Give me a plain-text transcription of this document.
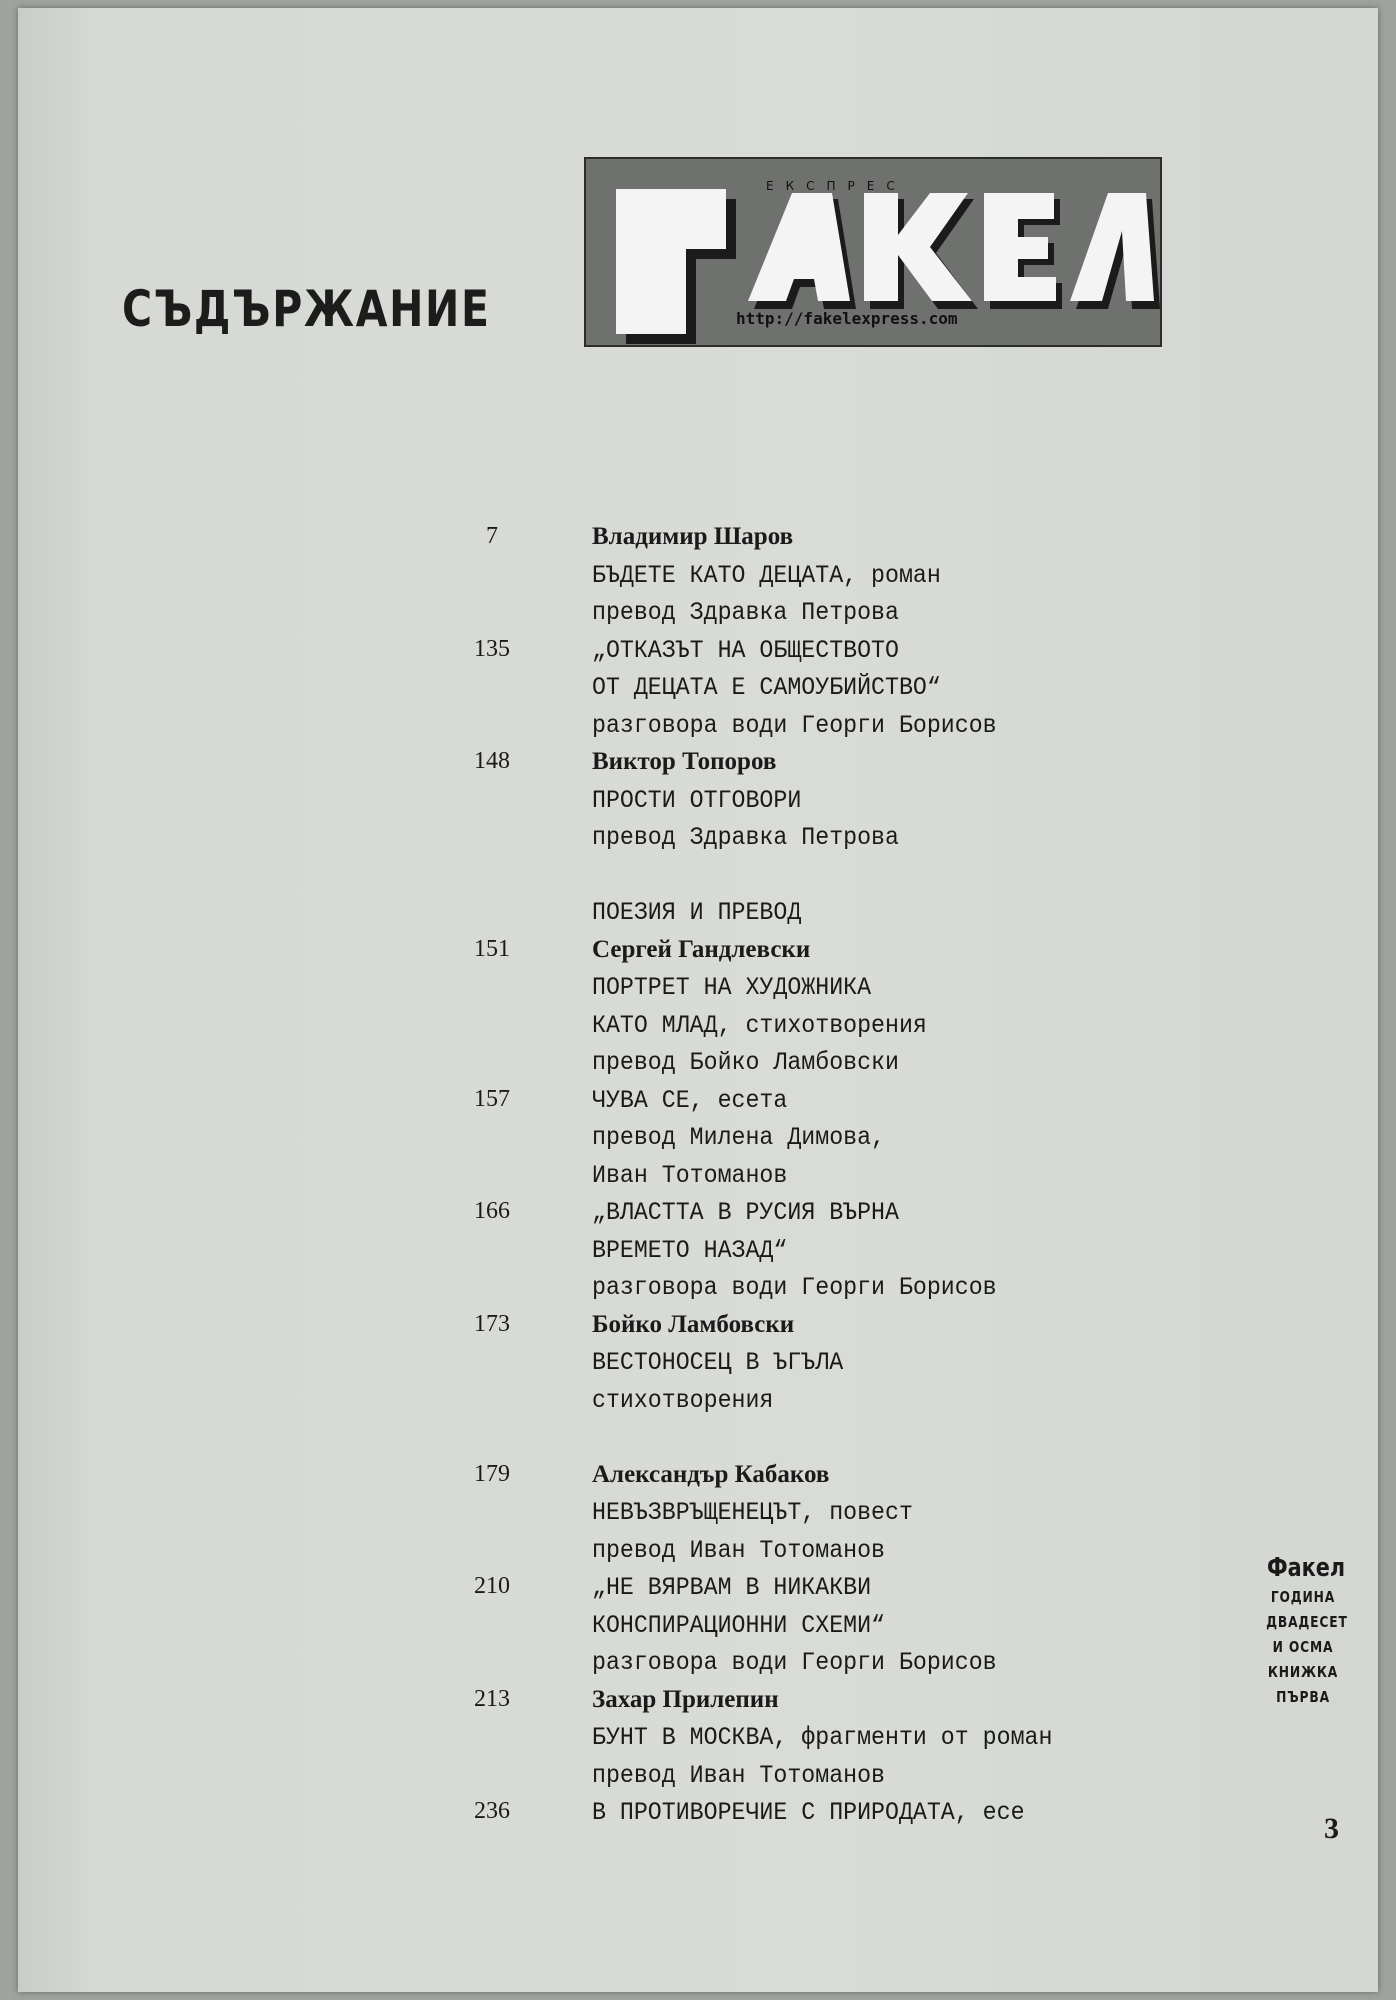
СЪДЪРЖАНИЕ

ЕКСПРЕС

http://fakelexpress.com

7	Владимир Шаров
БЪДЕТЕ КАТО ДЕЦАТА, роман
превод Здравка Петрова
135	„ОТКАЗЪТ НА ОБЩЕСТВОТО
ОТ ДЕЦАТА Е САМОУБИЙСТВО“
разговора води Георги Борисов
148	Виктор Топоров
ПРОСТИ ОТГОВОРИ
превод Здравка Петрова
ПОЕЗИЯ И ПРЕВОД
151	Сергей Гандлевски
ПОРТРЕТ НА ХУДОЖНИКА
КАТО МЛАД, стихотворения
превод Бойко Ламбовски
157	ЧУВА СЕ, есета
превод Милена Димова,
Иван Тотоманов
166	„ВЛАСТТА В РУСИЯ ВЪРНА
ВРЕМЕТО НАЗАД“
разговора води Георги Борисов
173	Бойко Ламбовски
ВЕСТОНОСЕЦ В ЪГЪЛА
стихотворения
179	Александър Кабаков
НЕВЪЗВРЪЩЕНЕЦЪТ, повест
превод Иван Тотоманов
210	„НЕ ВЯРВАМ В НИКАКВИ
КОНСПИРАЦИОННИ СХЕМИ“
разговора води Георги Борисов
213	Захар Прилепин
БУНТ В МОСКВА, фрагменти от роман
превод Иван Тотоманов
236	В ПРОТИВОРЕЧИЕ С ПРИРОДАТА, есе

Факел

ГОДИНА

ДВАДЕСЕТ

И ОСМА

КНИЖКА

ПЪРВА

3
